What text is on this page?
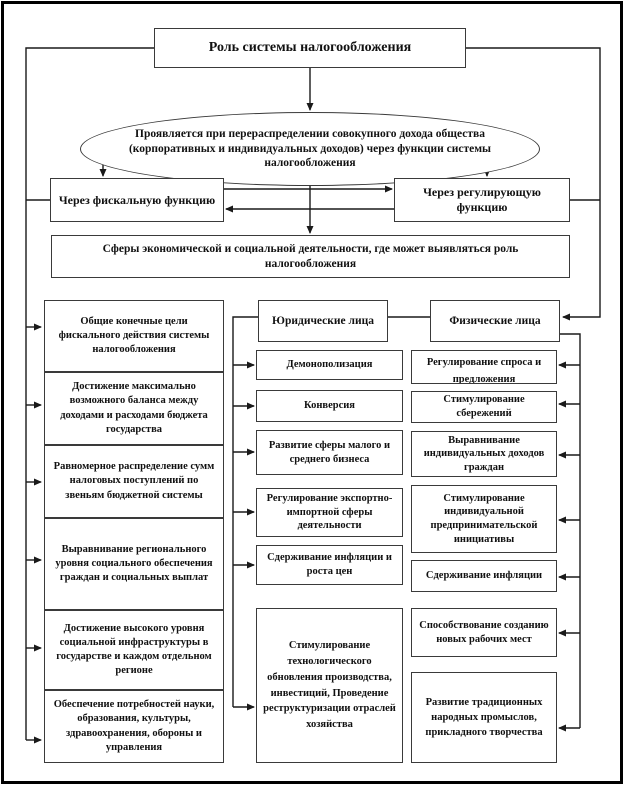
Роль системы налогообложения
Проявляется при перераспределении совокупного дохода общества (корпоративных и индивидуальных доходов) через функции системы налогообложения
Через фискальную функцию
Через регулирующую функцию
Сферы экономической и социальной деятельности, где может выявляться роль налогообложения
Общие конечные цели фискального действия системы налогообложения
Достижение максимально возможного баланса между доходами и расходами бюджета государства
Равномерное распределение сумм налоговых поступлений по звеньям бюджетной системы
Выравнивание регионального уровня социального обеспечения граждан и социальных выплат
Достижение высокого уровня социальной инфраструктуры в государстве и каждом отдельном регионе
Обеспечение потребностей науки, образования, культуры, здравоохранения, обороны и управления
Юридические лица
Демонополизация
Конверсия
Развитие сферы малого и среднего бизнеса
Регулирование экспортно-импортной сферы деятельности
Сдерживание инфляции и роста цен
Стимулирование технологического обновления производства, инвестиций, Проведение реструктуризации отраслей хозяйства
Физические лица
Регулирование спроса и предложения
Стимулирование сбережений
Выравнивание индивидуальных доходов граждан
Стимулирование индивидуальной предпринимательской инициативы
Сдерживание инфляции
Способствование созданию новых рабочих мест
Развитие традиционных народных промыслов, прикладного творчества
